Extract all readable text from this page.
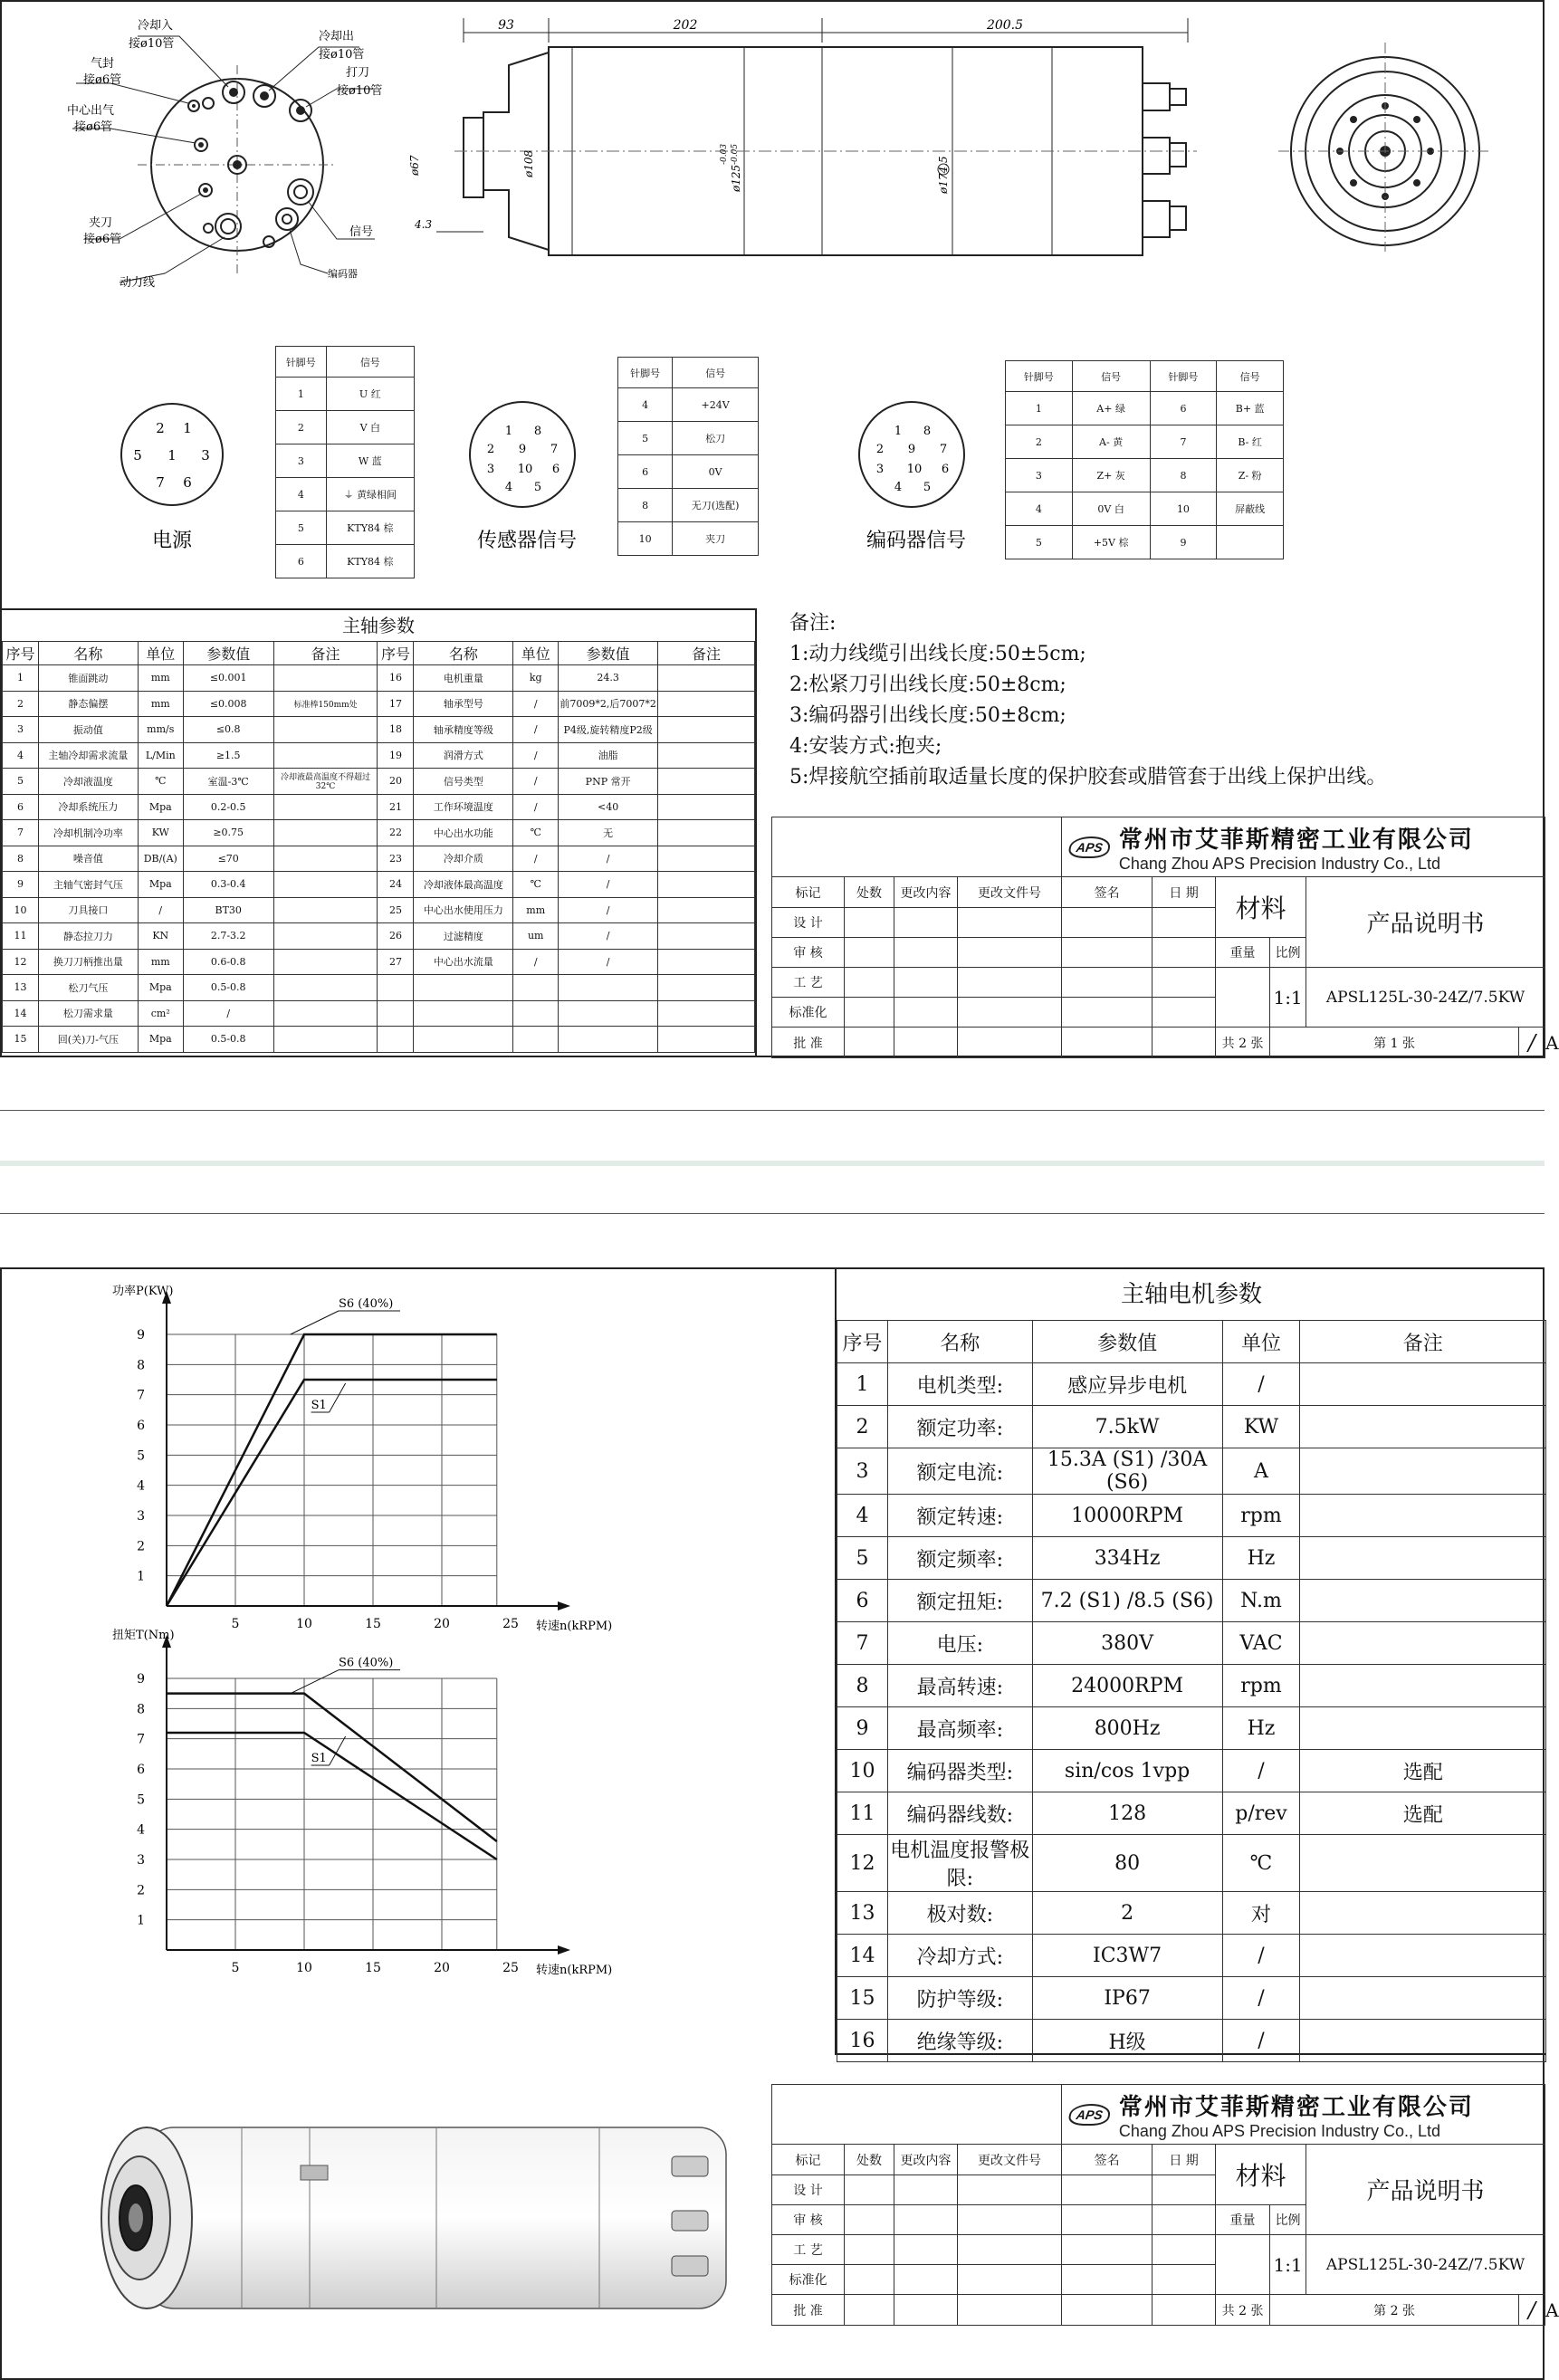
冷却入
接ø10管
冷却出
接ø10管
气封
接ø6管
打刀
接ø10管
中心出气
接ø6管
夹刀
接ø6管
信号
编码器
动力线
93	202	200.5
ø67	ø108
ø125
-0.03 -0.05
ø174.5
4.3
2 1
5 1 3
7 6
电源
针脚号	信号
1	U 红
2	V 白
3	W 蓝
4	⏚ 黄绿相间
5	KTY84 棕
6	KTY84 棕
1 8
2 9 7
3 10 6
4 5
传感器信号
针脚号	信号
4	+24V
5	松刀
6	0V
8	无刀(选配)
10	夹刀
1 8
2 9 7
3 10 6
4 5
编码器信号
针脚号	信号	针脚号	信号
1	A+ 绿	6	B+ 蓝
2	A- 黄	7	B- 红
3	Z+ 灰	8	Z- 粉
4	0V 白	10	屏蔽线
5	+5V 棕	9	
主轴参数
序号	名称	单位	参数值	备注	序号	名称	单位	参数值	备注
1	锥面跳动	mm	≤0.001		16	电机重量	kg	24.3	
2	静态偏摆	mm	≤0.008	标准棒150mm处	17	轴承型号	/	前7009*2,后7007*2	
3	振动值	mm/s	≤0.8		18	轴承精度等级	/	P4级,旋转精度P2级	
4	主轴冷却需求流量	L/Min	≥1.5		19	润滑方式	/	油脂	
5	冷却液温度	℃	室温-3℃	冷却液最高温度不得超过32℃	20	信号类型	/	PNP 常开	
6	冷却系统压力	Mpa	0.2-0.5		21	工作环境温度	/	<40	
7	冷却机制冷功率	KW	≥0.75		22	中心出水功能	℃	无	
8	噪音值	DB/(A)	≤70		23	冷却介质	/	/	
9	主轴气密封气压	Mpa	0.3-0.4		24	冷却液体最高温度	℃	/	
10	刀具接口	/	BT30		25	中心出水使用压力	mm	/	
11	静态拉刀力	KN	2.7-3.2		26	过滤精度	um	/	
12	换刀刀柄推出量	mm	0.6-0.8		27	中心出水流量	/	/	
13	松刀气压	Mpa	0.5-0.8						
14	松刀需求量	cm²	/						
15	回(关)刀-气压	Mpa	0.5-0.8						
备注:
1:动力线缆引出线长度:50±5cm;
2:松紧刀引出线长度:50±8cm;
3:编码器引出线长度:50±8cm;
4:安装方式:抱夹;
5:焊接航空插前取适量长度的保护胶套或腊管套于出线上保护出线。

				APS 常州市艾菲斯精密工业有限公司
Chang Zhou APS Precision Industry Co., Ltd						

标记	处数	更改内容	更改文件号	签名	日 期	材料		产品说明书		
设 计										
审 核						重量	比例			
工 艺							1:1	APSL125L-30-24Z/7.5KW		
标准化										
批 准						共 2 张	第 1 张		/	A
1
2
3
4
5
6
7
8
9
5	10	15	20	25
功率P(KW)
转速n(kRPM)
S6 (40%)
S1
1
2
3
4
5
6
7
8
9
5	10	15	20	25
扭矩T(Nm)
转速n(kRPM)
S6 (40%)
S1
主轴电机参数
序号	名称	参数值	单位	备注
1	电机类型:	感应异步电机	/	
2	额定功率:	7.5kW	KW	
3	额定电流:	15.3A (S1) /30A (S6)	A	
4	额定转速:	10000RPM	rpm	
5	额定频率:	334Hz	Hz	
6	额定扭矩:	7.2 (S1) /8.5 (S6)	N.m	
7	电压:	380V	VAC	
8	最高转速:	24000RPM	rpm	
9	最高频率:	800Hz	Hz	
10	编码器类型:	sin/cos 1vpp	/	选配
11	编码器线数:	128	p/rev	选配
12	电机温度报警极限:	80	℃	
13	极对数:	2	对	
14	冷却方式:	IC3W7	/	
15	防护等级:	IP67	/	
16	绝缘等级:	H级	/	

				APS 常州市艾菲斯精密工业有限公司
Chang Zhou APS Precision Industry Co., Ltd						

标记	处数	更改内容	更改文件号	签名	日 期	材料		产品说明书		
设 计										
审 核						重量	比例			
工 艺							1:1	APSL125L-30-24Z/7.5KW		
标准化										
批 准						共 2 张	第 2 张		/	A
